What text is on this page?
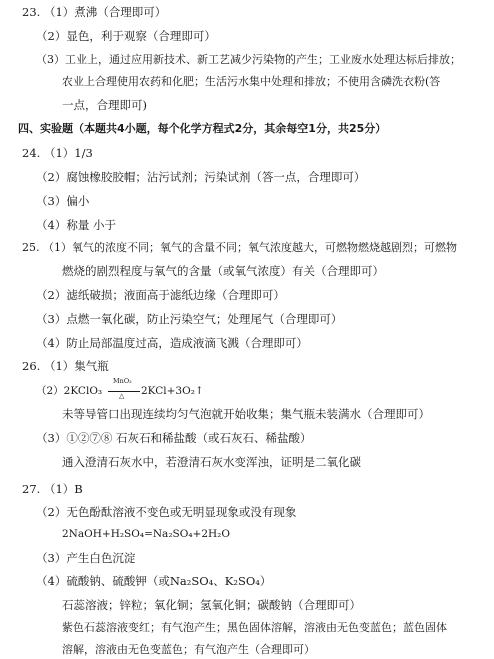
23. （1）煮沸（合理即可）
（2）显色，利于观察（合理即可）
（3）工业上，通过应用新技术、新工艺减少污染物的产生；工业废水处理达标后排放；
农业上合理使用农药和化肥；生活污水集中处理和排放；不使用含磷洗衣粉(答
一点，合理即可)
四、实验题（本题共4小题，每个化学方程式2分，其余每空1分，共25分）
24. （1）1/3
（2）腐蚀橡胶胶帽；沾污试剂；污染试剂（答一点，合理即可）
（3）偏小
（4）称量 小于
25. （1）氧气的浓度不同；氧气的含量不同；氧气浓度越大，可燃物燃烧越剧烈；可燃物
燃烧的剧烈程度与氧气的含量（或氧气浓度）有关（合理即可）
（2）滤纸破损；液面高于滤纸边缘（合理即可）
（3）点燃一氧化碳，防止污染空气；处理尾气（合理即可）
（4）防止局部温度过高，造成液滴飞溅（合理即可）
26. （1）集气瓶
（2）2KClO₃
MnO₂
△ 2KCl+3O₂↑
未等导管口出现连续均匀气泡就开始收集；集气瓶未装满水（合理即可）
（3）①②⑦⑧ 石灰石和稀盐酸（或石灰石、稀盐酸）
通入澄清石灰水中，若澄清石灰水变浑浊，证明是二氧化碳
27. （1）B
（2）无色酚酞溶液不变色或无明显现象或没有现象
2NaOH+H₂SO₄=Na₂SO₄+2H₂O
（3）产生白色沉淀
（4）硫酸钠、硫酸钾（或Na₂SO₄、K₂SO₄）
石蕊溶液；锌粒；氧化铜；氢氧化铜；碳酸钠（合理即可）
紫色石蕊溶液变红；有气泡产生；黑色固体溶解，溶液由无色变蓝色；蓝色固体
溶解，溶液由无色变蓝色；有气泡产生（合理即可）
